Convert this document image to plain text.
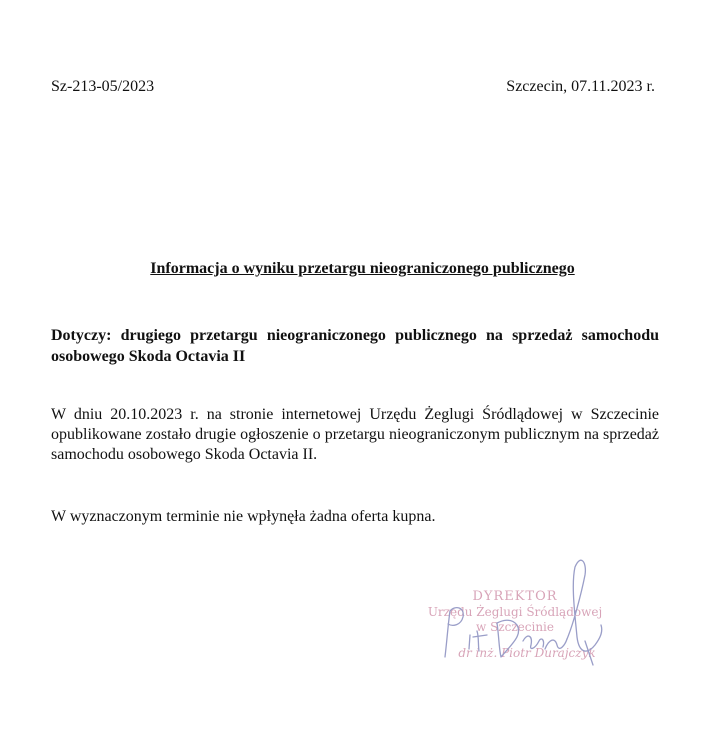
Sz-213-05/2023	Szczecin, 07.11.2023 r.
Informacja o wyniku przetargu nieograniczonego publicznego
Dotyczy: drugiego przetargu nieograniczonego publicznego na sprzedaż samochodu osobowego Skoda Octavia II
W dniu 20.10.2023 r. na stronie internetowej Urzędu Żeglugi Śródlądowej w Szczecinie opublikowane zostało drugie ogłoszenie o przetargu nieograniczonym publicznym na sprzedaż samochodu osobowego Skoda Octavia II.
W wyznaczonym terminie nie wpłynęła żadna oferta kupna.
DYREKTOR
Urzędu Żeglugi Śródlądowej
w Szczecinie
dr inż. Piotr Durajczyk
